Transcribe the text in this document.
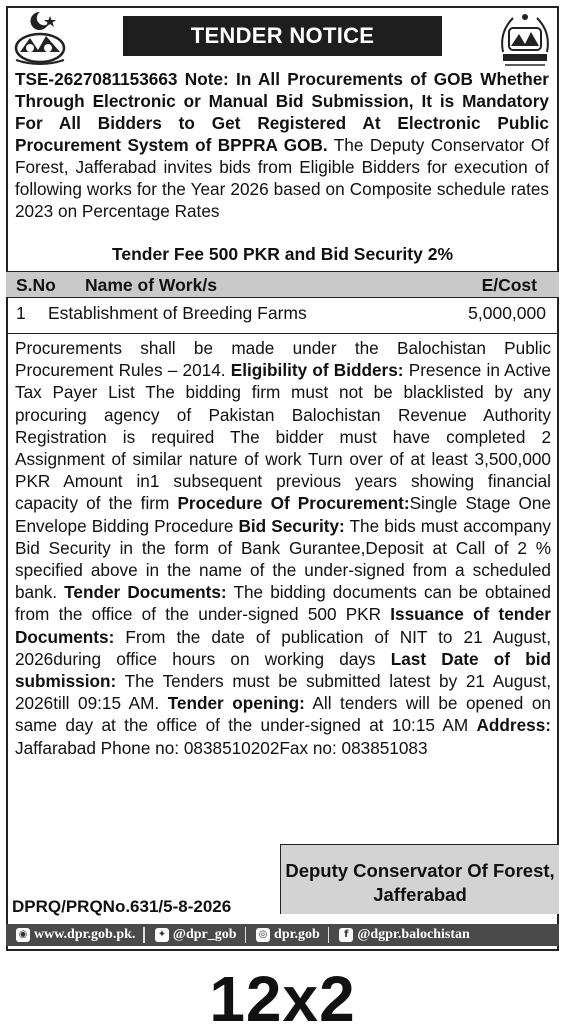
TENDER NOTICE
TSE-2627081153663 Note: In All Procurements of GOB Whether Through Electronic or Manual Bid Submission, It is Mandatory For All Bidders to Get Registered At Electronic Public Procurement System of BPPRA GOB. The Deputy Conservator Of Forest, Jafferabad invites bids from Eligible Bidders for execution of following works for the Year 2026 based on Composite schedule rates 2023 on Percentage Rates
Tender Fee 500 PKR and Bid Security 2%
S.No Name of Work/s	E/Cost
1 Establishment of Breeding Farms	5,000,000
Procurements shall be made under the Balochistan Public Procurement Rules – 2014. Eligibility of Bidders: Presence in Active Tax Payer List The bidding firm must not be blacklisted by any procuring agency of Pakistan Balochistan Revenue Authority Registration is required The bidder must have completed 2 Assignment of similar nature of work Turn over of at least 3,500,000 PKR Amount in1 subsequent previous years showing financial capacity of the firm Procedure Of Procurement:Single Stage One Envelope Bidding Procedure Bid Security: The bids must accompany Bid Security in the form of Bank Gurantee,Deposit at Call of 2 % specified above in the name of the under-signed from a scheduled bank. Tender Documents: The bidding documents can be obtained from the office of the under-signed 500 PKR Issuance of tender Documents: From the date of publication of NIT to 21 August, 2026during office hours on working days Last Date of bid submission: The Tenders must be submitted latest by 21 August, 2026till 09:15 AM. Tender opening: All tenders will be opened on same day at the office of the under-signed at 10:15 AM Address: Jaffarabad Phone no: 0838510202Fax no: 083851083
Deputy Conservator Of Forest,
Jafferabad
DPRQ/PRQNo.631/5-8-2026
◉ www.dpr.gob.pk. ✦ @dpr_gob ◎ dpr.gob	f @dgpr.balochistan
12x2
